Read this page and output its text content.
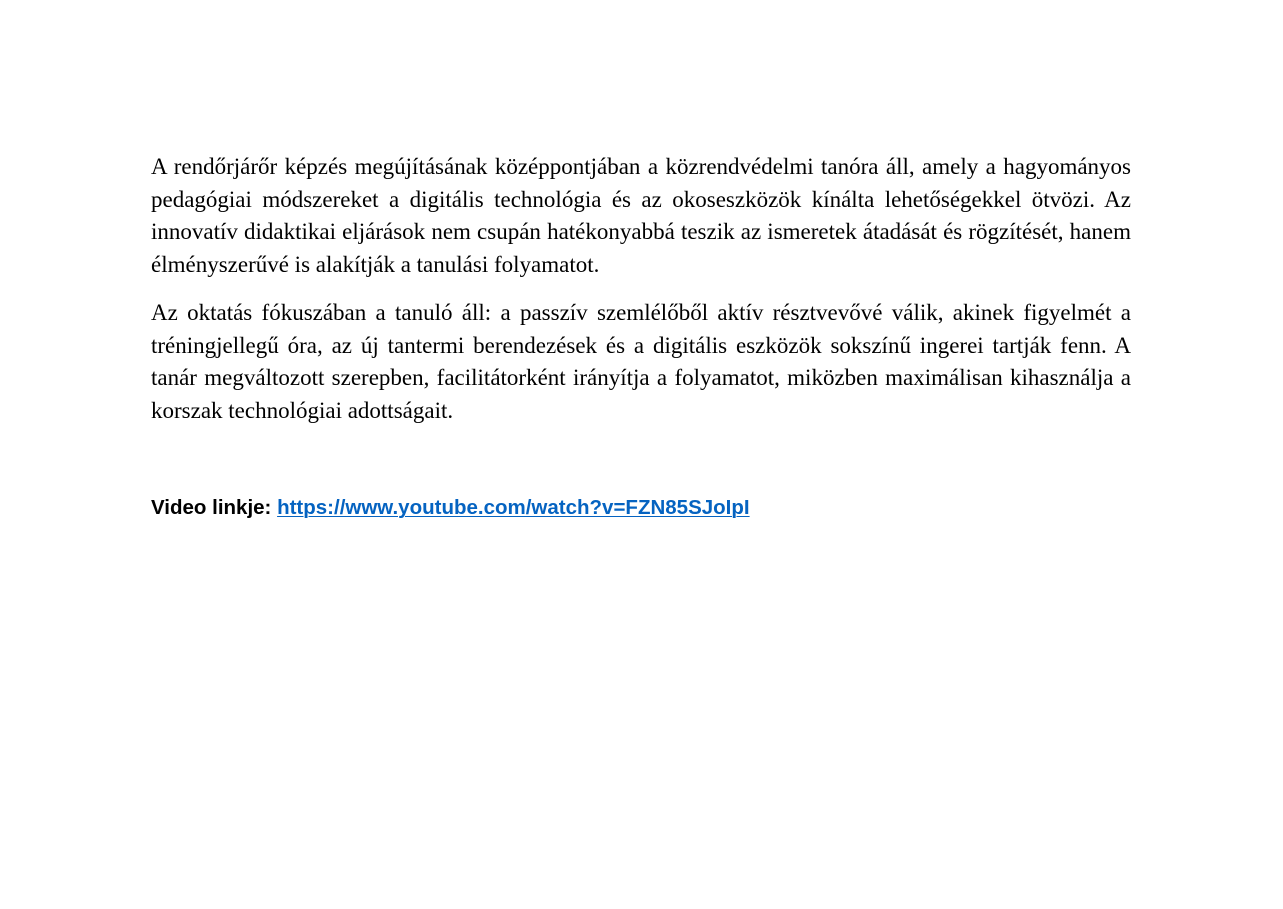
A rendőrjárőr képzés megújításának középpontjában a közrendvédelmi tanóra áll, amely a hagyományos pedagógiai módszereket a digitális technológia és az okoseszközök kínálta lehetőségekkel ötvözi. Az innovatív didaktikai eljárások nem csupán hatékonyabbá teszik az ismeretek átadását és rögzítését, hanem élményszerűvé is alakítják a tanulási folyamatot.

Az oktatás fókuszában a tanuló áll: a passzív szemlélőből aktív résztvevővé válik, akinek figyelmét a tréningjellegű óra, az új tantermi berendezések és a digitális eszközök sokszínű ingerei tartják fenn. A tanár megváltozott szerepben, facilitátorként irányítja a folyamatot, miközben maximálisan kihasználja a korszak technológiai adottságait.

Video linkje: https://www.youtube.com/watch?v=FZN85SJoIpI
